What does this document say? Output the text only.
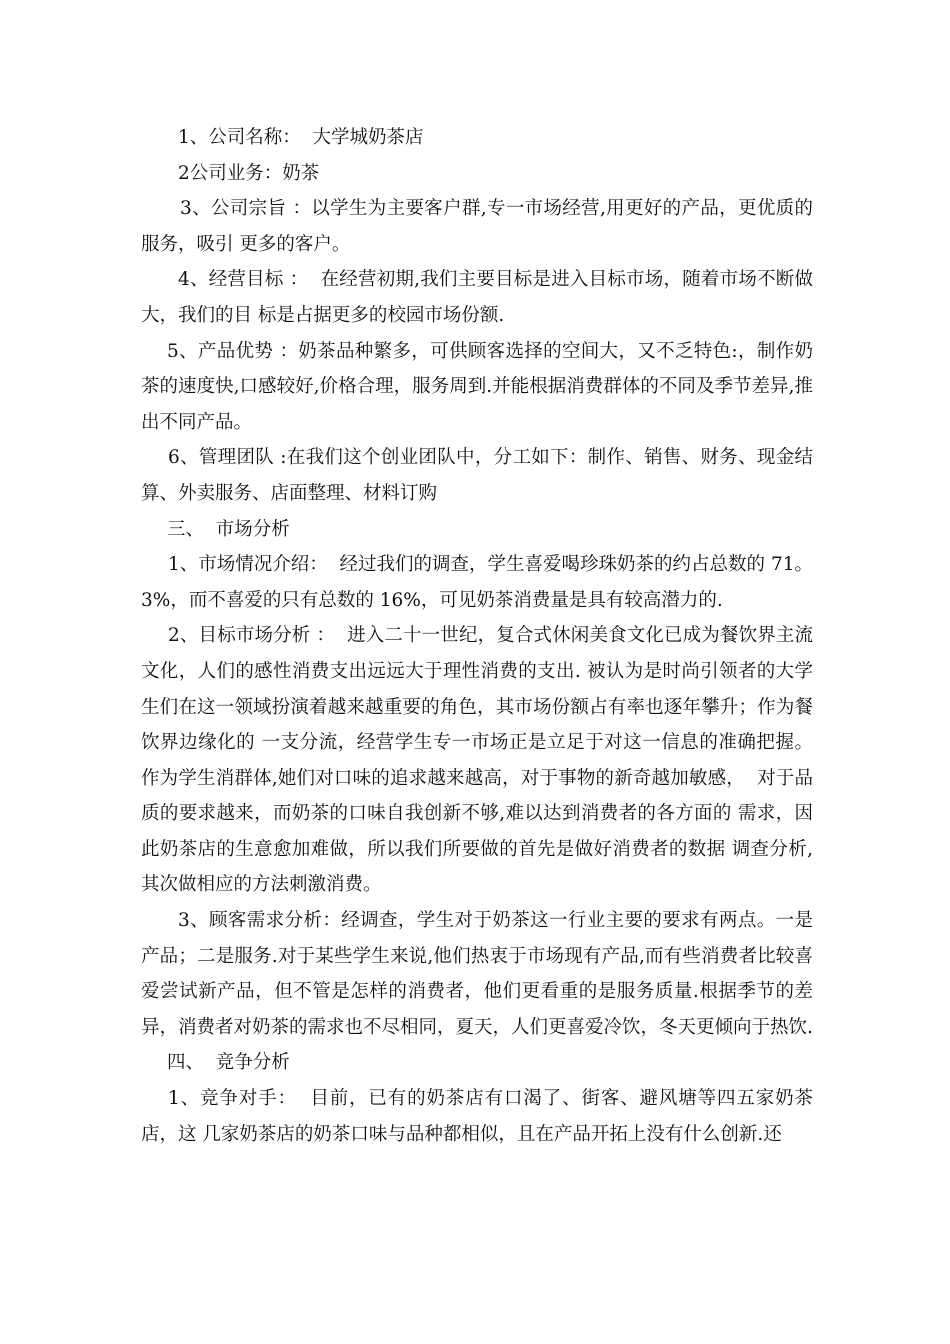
1、公司名称：  大学城奶茶店

2公司业务：奶茶

3、公司宗旨 ：以学生为主要客户群,专一市场经营,用更好的产品，更优质的服务，吸引 更多的客户。

4、经营目标 ：  在经营初期,我们主要目标是进入目标市场，随着市场不断做大，我们的目 标是占据更多的校园市场份额.

5、产品优势 ：奶茶品种繁多，可供顾客选择的空间大，又不乏特色:，制作奶茶的速度快,口感较好,价格合理，服务周到.并能根据消费群体的不同及季节差异,推出不同产品。

6、管理团队 :在我们这个创业团队中，分工如下：制作、销售、财务、现金结算、外卖服务、店面整理、材料订购

三、  市场分析

1、市场情况介绍：  经过我们的调查，学生喜爱喝珍珠奶茶的约占总数的 71。3%，而不喜爱的只有总数的 16%，可见奶茶消费量是具有较高潜力的.

2、目标市场分析 ：  进入二十一世纪，复合式休闲美食文化已成为餐饮界主流文化，人们的感性消费支出远远大于理性消费的支出. 被认为是时尚引领者的大学生们在这一领域扮演着越来越重要的角色，其市场份额占有率也逐年攀升；作为餐饮界边缘化的 一支分流，经营学生专一市场正是立足于对这一信息的准确把握。 作为学生消群体,她们对口味的追求越来越高，对于事物的新奇越加敏感，  对于品质的要求越来，而奶茶的口味自我创新不够,难以达到消费者的各方面的 需求，因此奶茶店的生意愈加难做，所以我们所要做的首先是做好消费者的数据 调查分析,其次做相应的方法刺激消费。

3、顾客需求分析：经调查，学生对于奶茶这一行业主要的要求有两点。一是产品；二是服务.对于某些学生来说,他们热衷于市场现有产品,而有些消费者比较喜爱尝试新产品，但不管是怎样的消费者，他们更看重的是服务质量.根据季节的差异，消费者对奶茶的需求也不尽相同，夏天，人们更喜爱冷饮，冬天更倾向于热饮.

四、  竞争分析

1、竞争对手：  目前，已有的奶茶店有口渴了、街客、避风塘等四五家奶茶店，这 几家奶茶店的奶茶口味与品种都相似，且在产品开拓上没有什么创新.还
